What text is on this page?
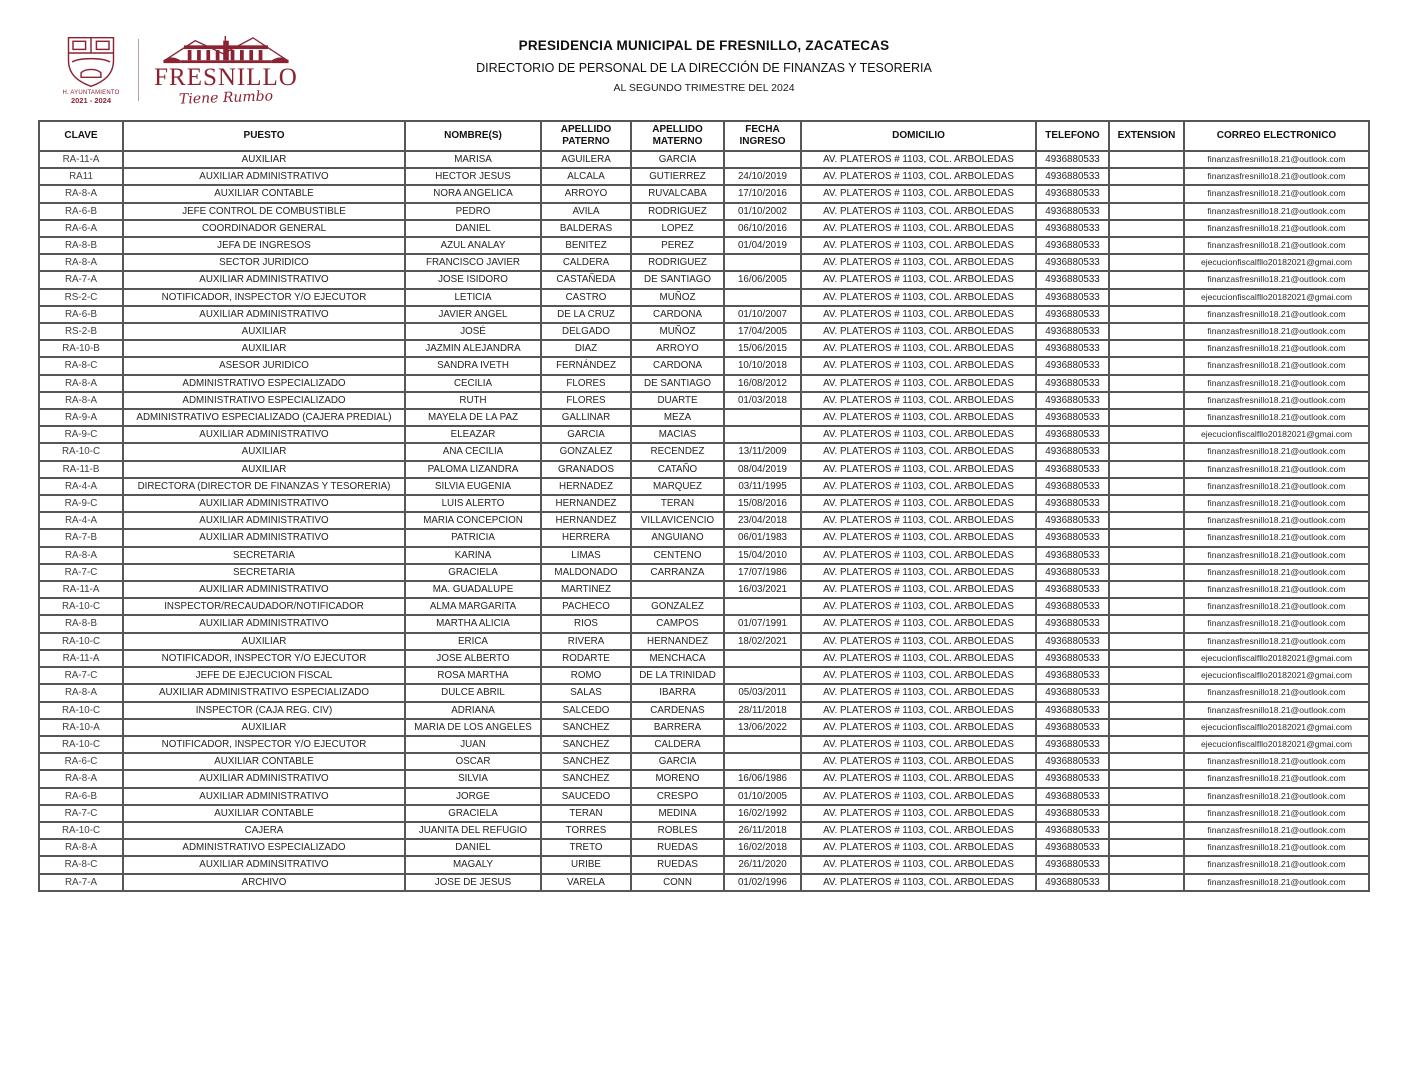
H. AYUNTAMIENTO
2021 - 2024
FRESNILLO
Tiene Rumbo
PRESIDENCIA MUNICIPAL DE FRESNILLO, ZACATECAS
DIRECTORIO DE PERSONAL DE LA DIRECCIÓN DE FINANZAS Y TESORERIA
AL SEGUNDO TRIMESTRE DEL 2024
CLAVE	PUESTO	NOMBRE(S)	APELLIDO PATERNO	APELLIDO MATERNO	FECHA INGRESO	DOMICILIO	TELEFONO	EXTENSION	CORREO ELECTRONICO
RA-11-A	AUXILIAR	MARISA	AGUILERA	GARCIA		AV. PLATEROS # 1103, COL. ARBOLEDAS	4936880533		finanzasfresnillo18.21@outlook.com
RA11	AUXILIAR ADMINISTRATIVO	HECTOR JESUS	ALCALA	GUTIERREZ	24/10/2019	AV. PLATEROS # 1103, COL. ARBOLEDAS	4936880533		finanzasfresnillo18.21@outlook.com
RA-8-A	AUXILIAR CONTABLE	NORA ANGELICA	ARROYO	RUVALCABA	17/10/2016	AV. PLATEROS # 1103, COL. ARBOLEDAS	4936880533		finanzasfresnillo18.21@outlook.com
RA-6-B	JEFE CONTROL DE COMBUSTIBLE	PEDRO	AVILA	RODRIGUEZ	01/10/2002	AV. PLATEROS # 1103, COL. ARBOLEDAS	4936880533		finanzasfresnillo18.21@outlook.com
RA-6-A	COORDINADOR GENERAL	DANIEL	BALDERAS	LOPEZ	06/10/2016	AV. PLATEROS # 1103, COL. ARBOLEDAS	4936880533		finanzasfresnillo18.21@outlook.com
RA-8-B	JEFA DE INGRESOS	AZUL ANALAY	BENITEZ	PEREZ	01/04/2019	AV. PLATEROS # 1103, COL. ARBOLEDAS	4936880533		finanzasfresnillo18.21@outlook.com
RA-8-A	SECTOR JURIDICO	FRANCISCO JAVIER	CALDERA	RODRIGUEZ		AV. PLATEROS # 1103, COL. ARBOLEDAS	4936880533		ejecucionfiscalfllo20182021@gmai.com
RA-7-A	AUXILIAR ADMINISTRATIVO	JOSE ISIDORO	CASTAÑEDA	DE SANTIAGO	16/06/2005	AV. PLATEROS # 1103, COL. ARBOLEDAS	4936880533		finanzasfresnillo18.21@outlook.com
RS-2-C	NOTIFICADOR, INSPECTOR Y/O EJECUTOR	LETICIA	CASTRO	MUÑOZ		AV. PLATEROS # 1103, COL. ARBOLEDAS	4936880533		ejecucionfiscalfllo20182021@gmai.com
RA-6-B	AUXILIAR ADMINISTRATIVO	JAVIER ANGEL	DE LA CRUZ	CARDONA	01/10/2007	AV. PLATEROS # 1103, COL. ARBOLEDAS	4936880533		finanzasfresnillo18.21@outlook.com
RS-2-B	AUXILIAR	JOSÉ	DELGADO	MUÑOZ	17/04/2005	AV. PLATEROS # 1103, COL. ARBOLEDAS	4936880533		finanzasfresnillo18.21@outlook.com
RA-10-B	AUXILIAR	JAZMIN ALEJANDRA	DIAZ	ARROYO	15/06/2015	AV. PLATEROS # 1103, COL. ARBOLEDAS	4936880533		finanzasfresnillo18.21@outlook.com
RA-8-C	ASESOR JURIDICO	SANDRA IVETH	FERNÁNDEZ	CARDONA	10/10/2018	AV. PLATEROS # 1103, COL. ARBOLEDAS	4936880533		finanzasfresnillo18.21@outlook.com
RA-8-A	ADMINISTRATIVO ESPECIALIZADO	CECILIA	FLORES	DE SANTIAGO	16/08/2012	AV. PLATEROS # 1103, COL. ARBOLEDAS	4936880533		finanzasfresnillo18.21@outlook.com
RA-8-A	ADMINISTRATIVO ESPECIALIZADO	RUTH	FLORES	DUARTE	01/03/2018	AV. PLATEROS # 1103, COL. ARBOLEDAS	4936880533		finanzasfresnillo18.21@outlook.com
RA-9-A	ADMINISTRATIVO ESPECIALIZADO (CAJERA PREDIAL)	MAYELA DE LA PAZ	GALLINAR	MEZA		AV. PLATEROS # 1103, COL. ARBOLEDAS	4936880533		finanzasfresnillo18.21@outlook.com
RA-9-C	AUXILIAR ADMINISTRATIVO	ELEAZAR	GARCIA	MACIAS		AV. PLATEROS # 1103, COL. ARBOLEDAS	4936880533		ejecucionfiscalfllo20182021@gmai.com
RA-10-C	AUXILIAR	ANA CECILIA	GONZALEZ	RECENDEZ	13/11/2009	AV. PLATEROS # 1103, COL. ARBOLEDAS	4936880533		finanzasfresnillo18.21@outlook.com
RA-11-B	AUXILIAR	PALOMA LIZANDRA	GRANADOS	CATAÑO	08/04/2019	AV. PLATEROS # 1103, COL. ARBOLEDAS	4936880533		finanzasfresnillo18.21@outlook.com
RA-4-A	DIRECTORA (DIRECTOR DE FINANZAS Y TESORERIA)	SILVIA EUGENIA	HERNADEZ	MARQUEZ	03/11/1995	AV. PLATEROS # 1103, COL. ARBOLEDAS	4936880533		finanzasfresnillo18.21@outlook.com
RA-9-C	AUXILIAR ADMINISTRATIVO	LUIS ALERTO	HERNANDEZ	TERAN	15/08/2016	AV. PLATEROS # 1103, COL. ARBOLEDAS	4936880533		finanzasfresnillo18.21@outlook.com
RA-4-A	AUXILIAR ADMINISTRATIVO	MARIA CONCEPCION	HERNANDEZ	VILLAVICENCIO	23/04/2018	AV. PLATEROS # 1103, COL. ARBOLEDAS	4936880533		finanzasfresnillo18.21@outlook.com
RA-7-B	AUXILIAR ADMINISTRATIVO	PATRICIA	HERRERA	ANGUIANO	06/01/1983	AV. PLATEROS # 1103, COL. ARBOLEDAS	4936880533		finanzasfresnillo18.21@outlook.com
RA-8-A	SECRETARIA	KARINA	LIMAS	CENTENO	15/04/2010	AV. PLATEROS # 1103, COL. ARBOLEDAS	4936880533		finanzasfresnillo18.21@outlook.com
RA-7-C	SECRETARIA	GRACIELA	MALDONADO	CARRANZA	17/07/1986	AV. PLATEROS # 1103, COL. ARBOLEDAS	4936880533		finanzasfresnillo18.21@outlook.com
RA-11-A	AUXILIAR ADMINISTRATIVO	MA. GUADALUPE	MARTINEZ		16/03/2021	AV. PLATEROS # 1103, COL. ARBOLEDAS	4936880533		finanzasfresnillo18.21@outlook.com
RA-10-C	INSPECTOR/RECAUDADOR/NOTIFICADOR	ALMA MARGARITA	PACHECO	GONZALEZ		AV. PLATEROS # 1103, COL. ARBOLEDAS	4936880533		finanzasfresnillo18.21@outlook.com
RA-8-B	AUXILIAR ADMINISTRATIVO	MARTHA ALICIA	RIOS	CAMPOS	01/07/1991	AV. PLATEROS # 1103, COL. ARBOLEDAS	4936880533		finanzasfresnillo18.21@outlook.com
RA-10-C	AUXILIAR	ERICA	RIVERA	HERNANDEZ	18/02/2021	AV. PLATEROS # 1103, COL. ARBOLEDAS	4936880533		finanzasfresnillo18.21@outlook.com
RA-11-A	NOTIFICADOR, INSPECTOR Y/O EJECUTOR	JOSE ALBERTO	RODARTE	MENCHACA		AV. PLATEROS # 1103, COL. ARBOLEDAS	4936880533		ejecucionfiscalfllo20182021@gmai.com
RA-7-C	JEFE DE EJECUCION FISCAL	ROSA MARTHA	ROMO	DE LA TRINIDAD		AV. PLATEROS # 1103, COL. ARBOLEDAS	4936880533		ejecucionfiscalfllo20182021@gmai.com
RA-8-A	AUXILIAR ADMINISTRATIVO ESPECIALIZADO	DULCE ABRIL	SALAS	IBARRA	05/03/2011	AV. PLATEROS # 1103, COL. ARBOLEDAS	4936880533		finanzasfresnillo18.21@outlook.com
RA-10-C	INSPECTOR (CAJA REG. CIV)	ADRIANA	SALCEDO	CARDENAS	28/11/2018	AV. PLATEROS # 1103, COL. ARBOLEDAS	4936880533		finanzasfresnillo18.21@outlook.com
RA-10-A	AUXILIAR	MARIA DE LOS ANGELES	SANCHEZ	BARRERA	13/06/2022	AV. PLATEROS # 1103, COL. ARBOLEDAS	4936880533		ejecucionfiscalfllo20182021@gmai.com
RA-10-C	NOTIFICADOR, INSPECTOR Y/O EJECUTOR	JUAN	SANCHEZ	CALDERA		AV. PLATEROS # 1103, COL. ARBOLEDAS	4936880533		ejecucionfiscalfllo20182021@gmai.com
RA-6-C	AUXILIAR CONTABLE	OSCAR	SANCHEZ	GARCIA		AV. PLATEROS # 1103, COL. ARBOLEDAS	4936880533		finanzasfresnillo18.21@outlook.com
RA-8-A	AUXILIAR ADMINISTRATIVO	SILVIA	SANCHEZ	MORENO	16/06/1986	AV. PLATEROS # 1103, COL. ARBOLEDAS	4936880533		finanzasfresnillo18.21@outlook.com
RA-6-B	AUXILIAR ADMINISTRATIVO	JORGE	SAUCEDO	CRESPO	01/10/2005	AV. PLATEROS # 1103, COL. ARBOLEDAS	4936880533		finanzasfresnillo18.21@outlook.com
RA-7-C	AUXILIAR CONTABLE	GRACIELA	TERAN	MEDINA	16/02/1992	AV. PLATEROS # 1103, COL. ARBOLEDAS	4936880533		finanzasfresnillo18.21@outlook.com
RA-10-C	CAJERA	JUANITA DEL REFUGIO	TORRES	ROBLES	26/11/2018	AV. PLATEROS # 1103, COL. ARBOLEDAS	4936880533		finanzasfresnillo18.21@outlook.com
RA-8-A	ADMINISTRATIVO ESPECIALIZADO	DANIEL	TRETO	RUEDAS	16/02/2018	AV. PLATEROS # 1103, COL. ARBOLEDAS	4936880533		finanzasfresnillo18.21@outlook.com
RA-8-C	AUXILIAR ADMINSITRATIVO	MAGALY	URIBE	RUEDAS	26/11/2020	AV. PLATEROS # 1103, COL. ARBOLEDAS	4936880533		finanzasfresnillo18.21@outlook.com
RA-7-A	ARCHIVO	JOSE DE JESUS	VARELA	CONN	01/02/1996	AV. PLATEROS # 1103, COL. ARBOLEDAS	4936880533		finanzasfresnillo18.21@outlook.com
